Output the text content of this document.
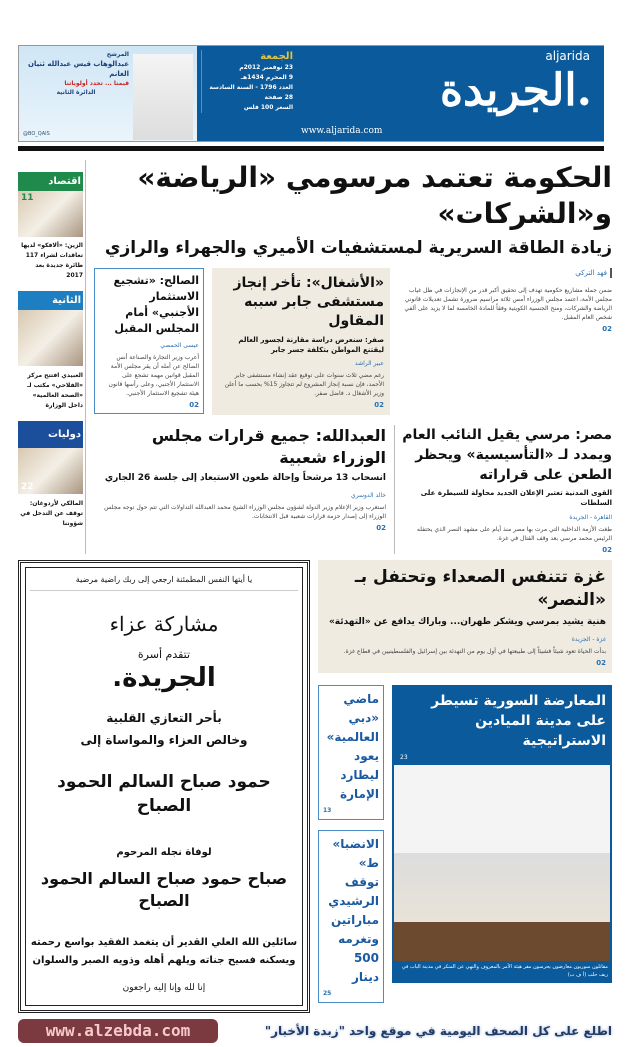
المرشح
عبدالوهاب قيس عبدالله ثنيان الغانم
قيمنا ... تحدد أولوياتنا
الدائرة الثانية
@BO_QAIS
الجمعة
23 نوفمبر 2012م
9 المحرم 1434هـ
العدد 1796 - السنة السادسة
28 صفحة
السعر 100 فلس
aljarida
الجريدة.
www.aljarida.com
اقتصاد
11
الزين: «ألافكو» لديها تعاقدات لشراء 117 طائرة جديدة بعد 2017
الثانية
العبيدي افتتح مركز «الفلاحي» مكتب لـ «الصحة العالمية» داخل الوزارة
دوليات
22
المالكي لأردوغان: توقف عن التدخل في شؤوننا
الحكومة تعتمد مرسومي «الرياضة» و«الشركات»
زيادة الطاقة السريرية لمستشفيات الأميري والجهراء والرازي
فهد التركي
ضمن جملة مشاريع حكومية تهدف إلى تحقيق أكبر قدر من الإنجازات في ظل غياب مجلس الأمة، اعتمد مجلس الوزراء أمس ثلاثة مراسيم ضرورة تشمل تعديلات قانوني الرياضة والشركات، ومنح الجنسية الكويتية وفقاً للمادة الخامسة لما لا يزيد على ألفي شخص العام المقبل.
02
«الأشغال»: تأخر إنجاز مستشفى جابر سببه المقاول
صفر: سنعرض دراسة مقارنة لجسور العالم ليقتنع المواطن بتكلفة جسر جابر
عبير الراشد
رغم مضي ثلاث سنوات على توقيع عقد إنشاء مستشفى جابر الأحمد، فإن نسبة إنجاز المشروع لم تتجاوز 15% بحسب ما أعلن وزير الأشغال د. فاضل صفر.
02
الصالح: «تشجيع الاستثمار الأجنبي» أمام المجلس المقبل
عيسى الحمصي
أعرب وزير التجارة والصناعة أنس الصالح عن أمله أن يقر مجلس الأمة المقبل قوانين مهمة تشجع على الاستثمار الأجنبي، وعلى رأسها قانون هيئة تشجيع الاستثمار الأجنبي.
02
مصر: مرسي يقيل النائب العام ويمدد لـ «التأسيسية» ويحظر الطعن على قراراته
القوى المدنية تعتبر الإعلان الجديد محاولة للسيطرة على السلطات
القاهرة - الجريدة
طغت الأزمة الداخلية التي مرت بها مصر منذ أيام على مشهد النصر الذي يحتفله الرئيس محمد مرسي بعد وقف القتال في غزة.
02
العبدالله: جميع قرارات مجلس الوزراء شعبية
انسحاب 13 مرشحاً وإحالة طعون الاستبعاد إلى جلسة 26 الجاري
خالد الدوسري
استغرب وزير الإعلام وزير الدولة لشؤون مجلس الوزراء الشيخ محمد العبدالله التداولات التي تتم حول توجه مجلس الوزراء إلى إصدار حزمة قرارات شعبية قبل الانتخابات.
02
يا أيتها النفس المطمئنة ارجعي إلى ربك راضية مرضية
مشاركة عزاء
تتقدم أسرة
الجريدة.
بأحر التعازي القلبية
وخالص العزاء والمواساة إلى
حمود صباح السالم الحمود الصباح
لوفاة نجله المرحوم
صباح حمود صباح السالم الحمود الصباح
سائلين الله العلي القدير أن يتغمد الفقيد بواسع رحمته
ويسكنه فسيح جناته ويلهم أهله وذويه الصبر والسلوان
إنا لله وإنا إليه راجعون
غزة تتنفس الصعداء وتحتفل بـ «النصر»
هنية يشيد بمرسي ويشكر طهران... وباراك يدافع عن «التهدئة»
غزة - الجريدة
بدأت الحياة تعود شيئاً فشيئاً إلى طبيعتها في أول يوم من التهدئة بين إسرائيل والفلسطينيين في قطاع غزة.
02
ماضي «دبي العالمية» يعود ليطارد الإمارة
13
«الانضباط» توقف الرشيدي مباراتين وتغرمه 500 دينار
25
المعارضة السورية تسيطر على مدينة الميادين الاستراتيجية
23
مقاتلون سوريون معارضون يحرسون مقر هيئة الأمر بالمعروف والنهي عن المنكر في مدينة الباب في ريف حلب (أ ف ب)
www.alzebda.com	اطلع على كل الصحف اليومية في موقع واحد "زبدة الأخبار"
